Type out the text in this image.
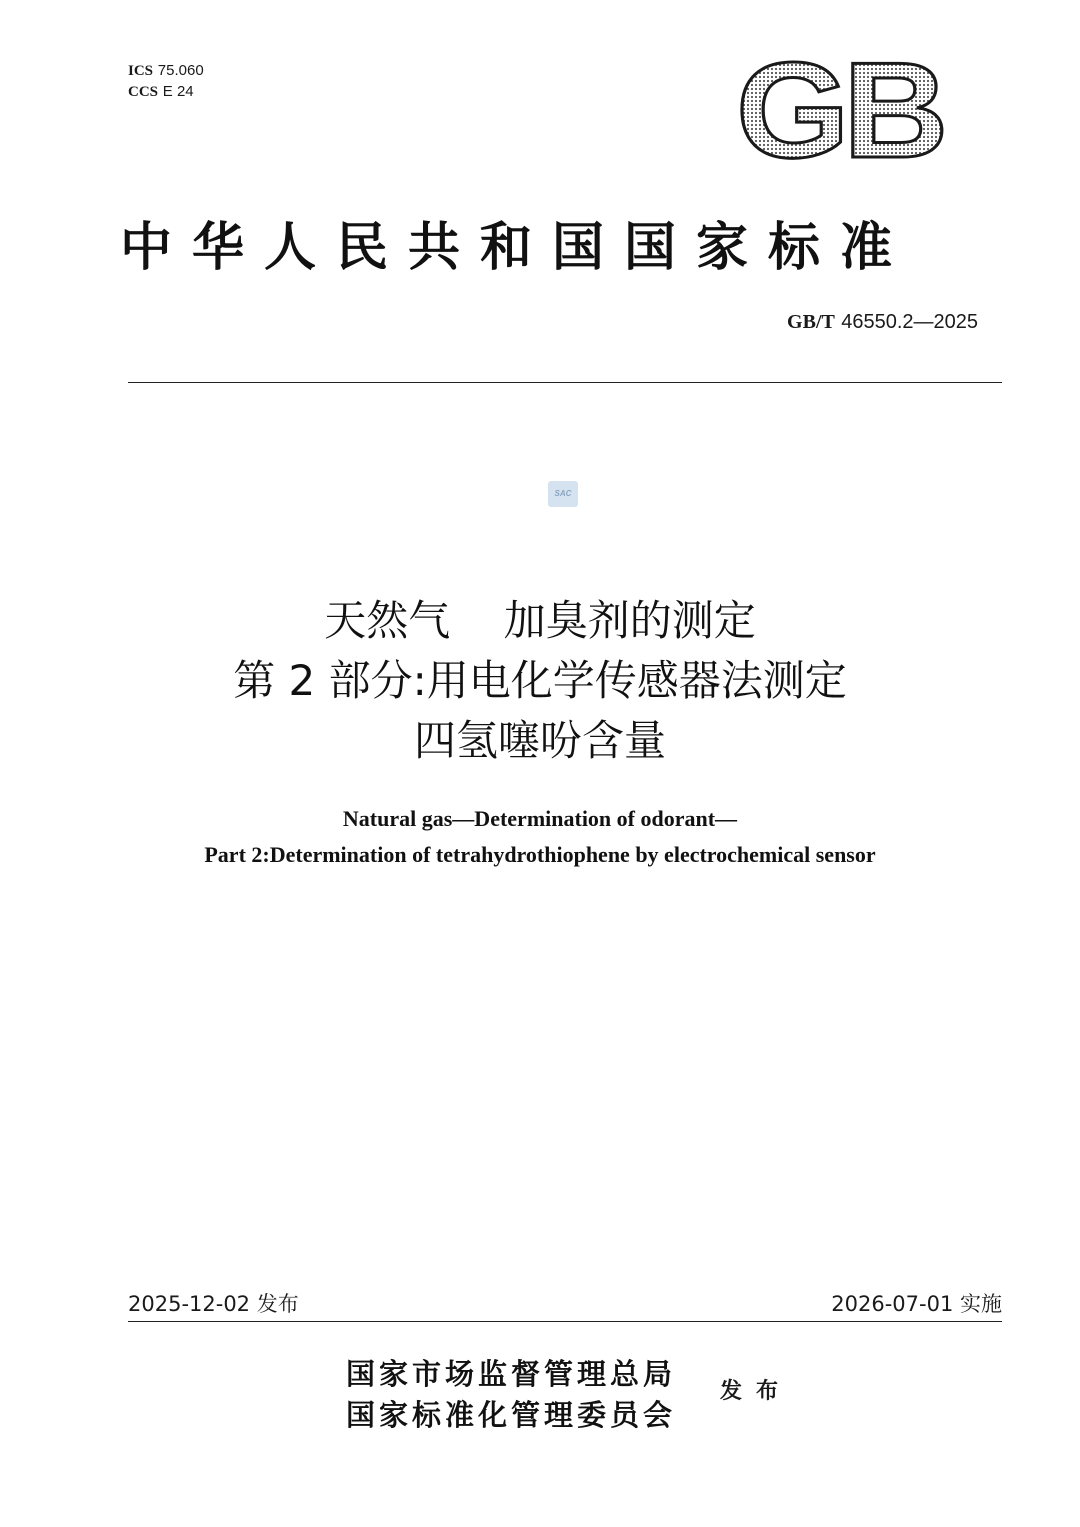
ICS 75.060
CCS E 24	GB
中华人民共和国国家标准
GB/T 46550.2—2025
SAC
天然气    加臭剂的测定
第 2 部分:用电化学传感器法测定
四氢噻吩含量
Natural gas—Determination of odorant—
Part 2:Determination of tetrahydrothiophene by electrochemical sensor
2025-12-02 发布	2026-07-01 实施
国家市场监督管理总局
国家标准化管理委员会
发布
